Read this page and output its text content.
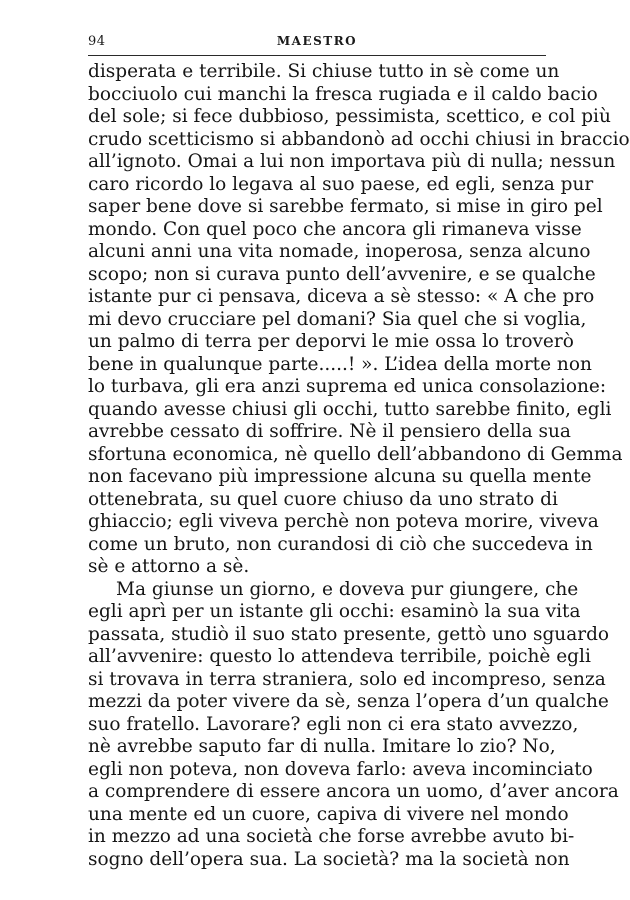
94	MAESTRO
disperata e terribile. Si chiuse tutto in sè come un
bocciuolo cui manchi la fresca rugiada e il caldo bacio
del sole; si fece dubbioso, pessimista, scettico, e col più
crudo scetticismo si abbandonò ad occhi chiusi in braccio
all’ignoto. Omai a lui non importava più di nulla; nessun
caro ricordo lo legava al suo paese, ed egli, senza pur
saper bene dove si sarebbe fermato, si mise in giro pel
mondo. Con quel poco che ancora gli rimaneva visse
alcuni anni una vita nomade, inoperosa, senza alcuno
scopo; non si curava punto dell’avvenire, e se qualche
istante pur ci pensava, diceva a sè stesso: « A che pro
mi devo crucciare pel domani? Sia quel che si voglia,
un palmo di terra per deporvi le mie ossa lo troverò
bene in qualunque parte.....! ». L’idea della morte non
lo turbava, gli era anzi suprema ed unica consolazione:
quando avesse chiusi gli occhi, tutto sarebbe finito, egli
avrebbe cessato di soffrire. Nè il pensiero della sua
sfortuna economica, nè quello dell’abbandono di Gemma
non facevano più impressione alcuna su quella mente
ottenebrata, su quel cuore chiuso da uno strato di
ghiaccio; egli viveva perchè non poteva morire, viveva
come un bruto, non curandosi di ciò che succedeva in
sè e attorno a sè.
Ma giunse un giorno, e doveva pur giungere, che
egli aprì per un istante gli occhi: esaminò la sua vita
passata, studiò il suo stato presente, gettò uno sguardo
all’avvenire: questo lo attendeva terribile, poichè egli
si trovava in terra straniera, solo ed incompreso, senza
mezzi da poter vivere da sè, senza l’opera d’un qualche
suo fratello. Lavorare? egli non ci era stato avvezzo,
nè avrebbe saputo far di nulla. Imitare lo zio? No,
egli non poteva, non doveva farlo: aveva incominciato
a comprendere di essere ancora un uomo, d’aver ancora
una mente ed un cuore, capiva di vivere nel mondo
in mezzo ad una società che forse avrebbe avuto bi-
sogno dell’opera sua. La società? ma la società non
